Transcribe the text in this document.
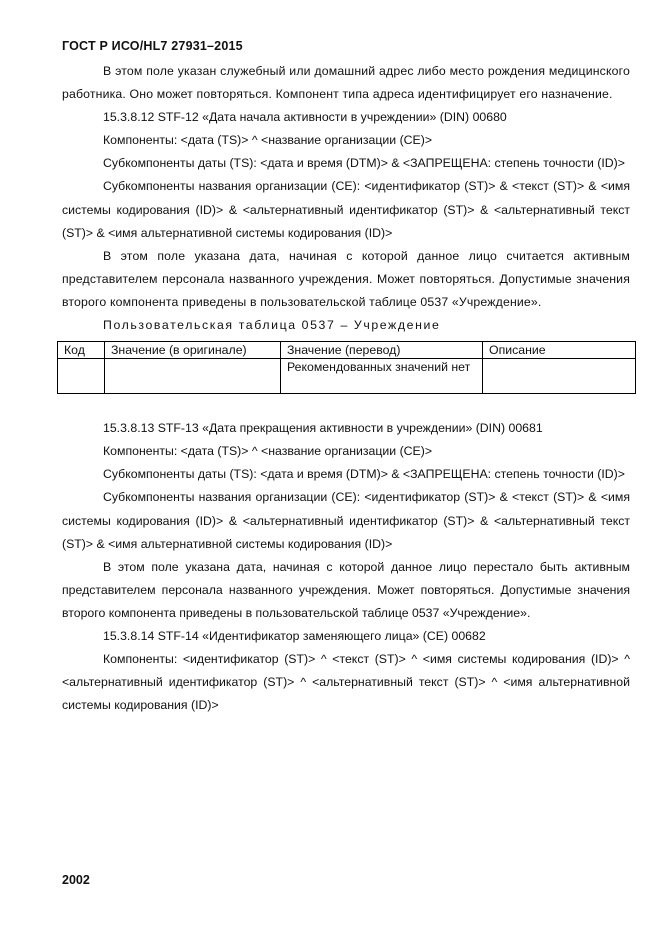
ГОСТ Р ИСО/HL7 27931–2015

В этом поле указан служебный или домашний адрес либо место рождения медицинского работника. Оно может повторяться. Компонент типа адреса идентифицирует его назначение.

15.3.8.12 STF-12 «Дата начала активности в учреждении» (DIN) 00680

Компоненты: <дата (TS)> ^ <название организации (CE)>

Субкомпоненты даты (TS): <дата и время (DTM)> & <ЗАПРЕЩЕНА: степень точности (ID)>

Субкомпоненты названия организации (CE): <идентификатор (ST)> & <текст (ST)> & <имя системы кодирования (ID)> & <альтернативный идентификатор (ST)> & <альтернативный текст (ST)> & <имя альтернативной системы кодирования (ID)>

В этом поле указана дата, начиная с которой данное лицо считается активным представителем персонала названного учреждения. Может повторяться. Допустимые значения второго компонента приведены в пользовательской таблице 0537 «Учреждение».

Пользовательская таблица 0537 – Учреждение

Код	Значение (в оригинале)	Значение (перевод)	Описание
		Рекомендованных значений нет	

15.3.8.13 STF-13 «Дата прекращения активности в учреждении» (DIN) 00681

Компоненты: <дата (TS)> ^ <название организации (CE)>

Субкомпоненты даты (TS): <дата и время (DTM)> & <ЗАПРЕЩЕНА: степень точности (ID)>

Субкомпоненты названия организации (CE): <идентификатор (ST)> & <текст (ST)> & <имя системы кодирования (ID)> & <альтернативный идентификатор (ST)> & <альтернативный текст (ST)> & <имя альтернативной системы кодирования (ID)>

В этом поле указана дата, начиная с которой данное лицо перестало быть активным представителем персонала названного учреждения. Может повторяться. Допустимые значения второго компонента приведены в пользовательской таблице 0537 «Учреждение».

15.3.8.14 STF-14 «Идентификатор заменяющего лица» (CE) 00682

Компоненты: <идентификатор (ST)> ^ <текст (ST)> ^ <имя системы кодирования (ID)> ^ <альтернативный идентификатор (ST)> ^ <альтернативный текст (ST)> ^ <имя альтернативной системы кодирования (ID)>

2002
